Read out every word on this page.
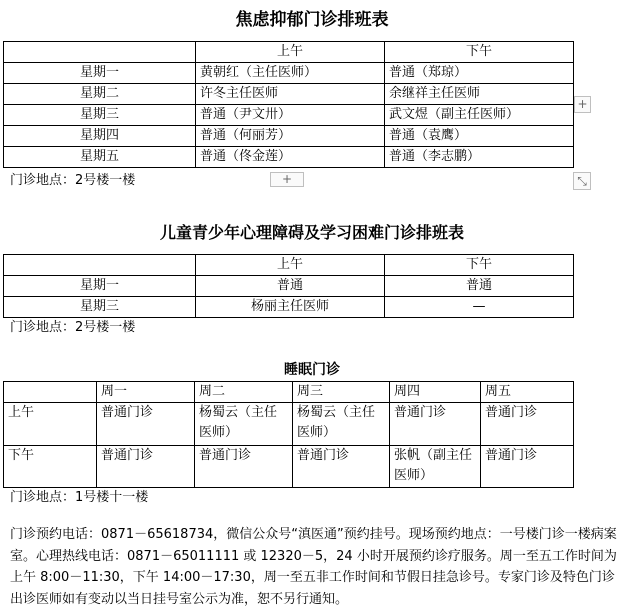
焦虑抑郁门诊排班表
	上午	下午
星期一	黄朝红（主任医师）	普通（郑琼）
星期二	许冬主任医师	余继祥主任医师
星期三	普通（尹文卅）	武文煜（副主任医师）
星期四	普通（何丽芳）	普通（袁鹰）
星期五	普通（佟金莲）	普通（李志鹏）
门诊地点：2号楼一楼
+
+	⤡
儿童青少年心理障碍及学习困难门诊排班表
	上午	下午
星期一	普通	普通
星期三	杨丽主任医师	—
门诊地点：2号楼一楼
睡眠门诊
	周一	周二	周三	周四	周五
上午	普通门诊	杨蜀云（主任医师）	杨蜀云（主任医师）	普通门诊	普通门诊
下午	普通门诊	普通门诊	普通门诊	张帆（副主任医师）	普通门诊
门诊地点：1号楼十一楼

门诊预约电话：0871－65618734，微信公众号“滇医通”预约挂号。现场预约地点：一号楼门诊一楼病案室。心理热线电话：0871－65011111 或 12320－5，24 小时开展预约诊疗服务。周一至五工作时间为上午 8:00－11:30，下午 14:00－17:30，周一至五非工作时间和节假日挂急诊号。专家门诊及特色门诊出诊医师如有变动以当日挂号室公示为准，恕不另行通知。
